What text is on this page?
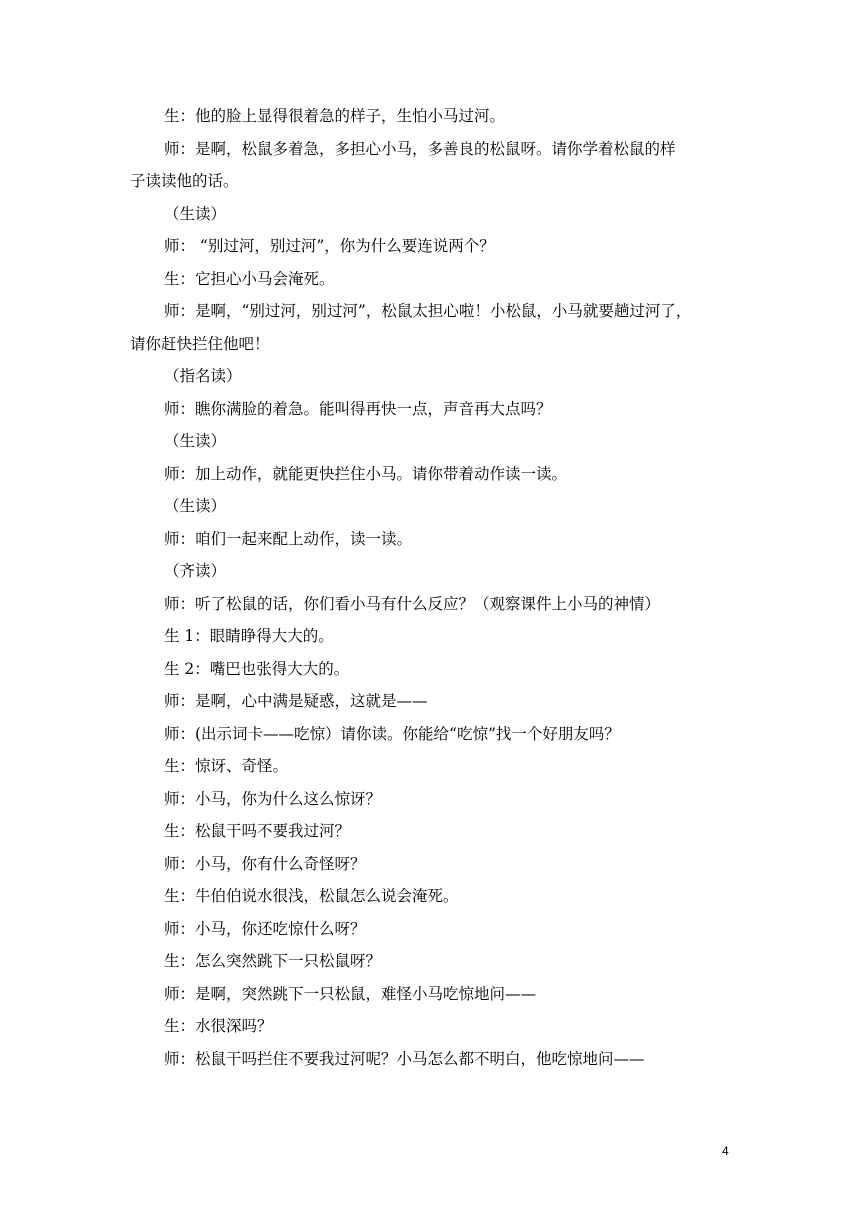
生：他的脸上显得很着急的样子，生怕小马过河。

师：是啊，松鼠多着急，多担心小马，多善良的松鼠呀。请你学着松鼠的样
子读读他的话。

（生读）

师： “别过河，别过河”，你为什么要连说两个？

生：它担心小马会淹死。

师：是啊，“别过河，别过河”，松鼠太担心啦！小松鼠，小马就要趟过河了，
请你赶快拦住他吧！

（指名读）

师：瞧你满脸的着急。能叫得再快一点，声音再大点吗？

（生读）

师：加上动作，就能更快拦住小马。请你带着动作读一读。

（生读）

师：咱们一起来配上动作，读一读。

（齐读）

师：听了松鼠的话，你们看小马有什么反应？（观察课件上小马的神情）

生 1：眼睛睁得大大的。

生 2：嘴巴也张得大大的。

师：是啊，心中满是疑惑，这就是——

师：(出示词卡——吃惊）请你读。你能给“吃惊”找一个好朋友吗？

生：惊讶、奇怪。

师：小马，你为什么这么惊讶？

生：松鼠干吗不要我过河？

师：小马，你有什么奇怪呀？

生：牛伯伯说水很浅，松鼠怎么说会淹死。

师：小马，你还吃惊什么呀？

生：怎么突然跳下一只松鼠呀？

师：是啊，突然跳下一只松鼠，难怪小马吃惊地问——

生：水很深吗？

师：松鼠干吗拦住不要我过河呢？小马怎么都不明白，他吃惊地问——

4
